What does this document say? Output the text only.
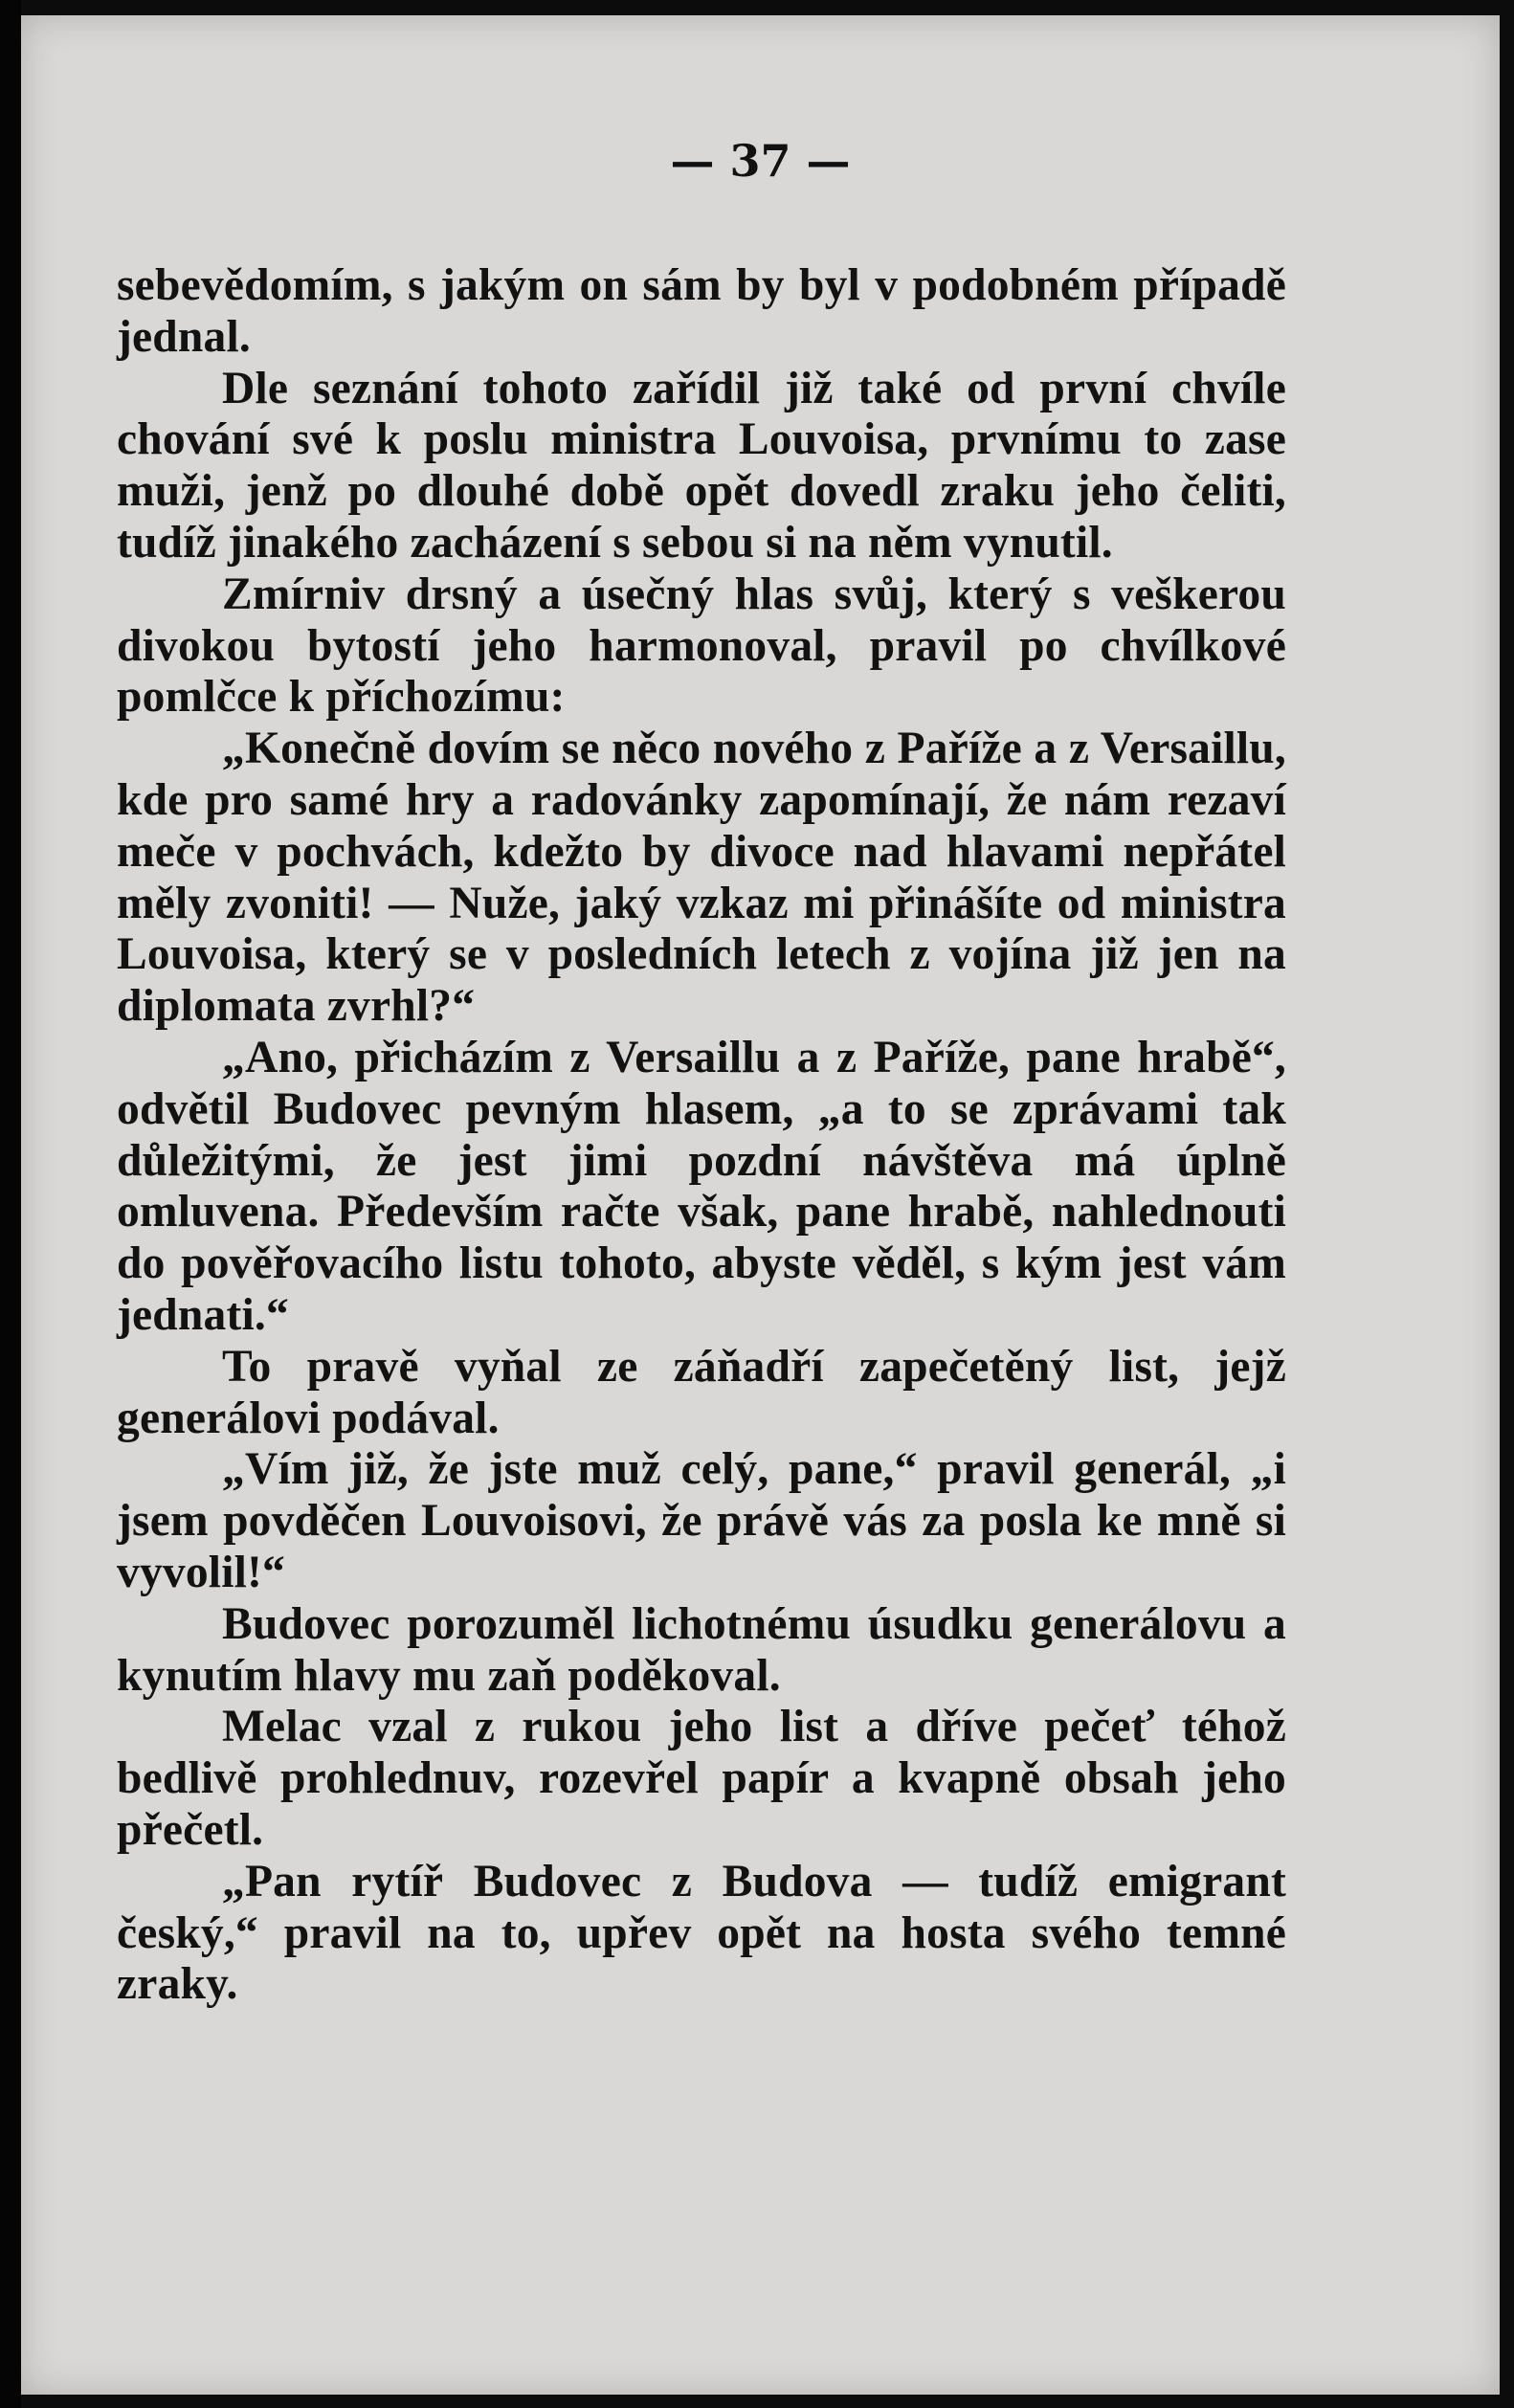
— 37 —

sebevědomím, s jakým on sám by byl v podobném případě jednal.

Dle seznání tohoto zařídil již také od první chvíle chování své k poslu ministra Louvoisa, prvnímu to zase muži, jenž po dlouhé době opět dovedl zraku jeho čeliti, tudíž jinakého zacházení s sebou si na něm vynutil.

Zmírniv drsný a úsečný hlas svůj, který s veškerou divokou bytostí jeho harmonoval, pravil po chvílkové pomlčce k příchozímu:

„Konečně dovím se něco nového z Paříže a z Versaillu, kde pro samé hry a radovánky zapomínají, že nám rezaví meče v pochvách, kdežto by divoce nad hlavami nepřátel měly zvoniti! — Nuže, jaký vzkaz mi přinášíte od ministra Louvoisa, který se v posledních letech z vojína již jen na diplomata zvrhl?“

„Ano, přicházím z Versaillu a z Paříže, pane hrabě“, odvětil Budovec pevným hlasem, „a to se zprávami tak důležitými, že jest jimi pozdní návštěva má úplně omluvena. Především račte však, pane hrabě, nahlednouti do pověřovacího listu tohoto, abyste věděl, s kým jest vám jednati.“

To pravě vyňal ze záňadří zapečetěný list, jejž generálovi podával.

„Vím již, že jste muž celý, pane,“ pravil generál, „i jsem povděčen Louvoisovi, že právě vás za posla ke mně si vyvolil!“

Budovec porozuměl lichotnému úsudku generálovu a kynutím hlavy mu zaň poděkoval.

Melac vzal z rukou jeho list a dříve pečeť téhož bedlivě prohlednuv, rozevřel papír a kvapně obsah jeho přečetl.

„Pan rytíř Budovec z Budova — tudíž emigrant český,“ pravil na to, upřev opět na hosta svého temné zraky.
